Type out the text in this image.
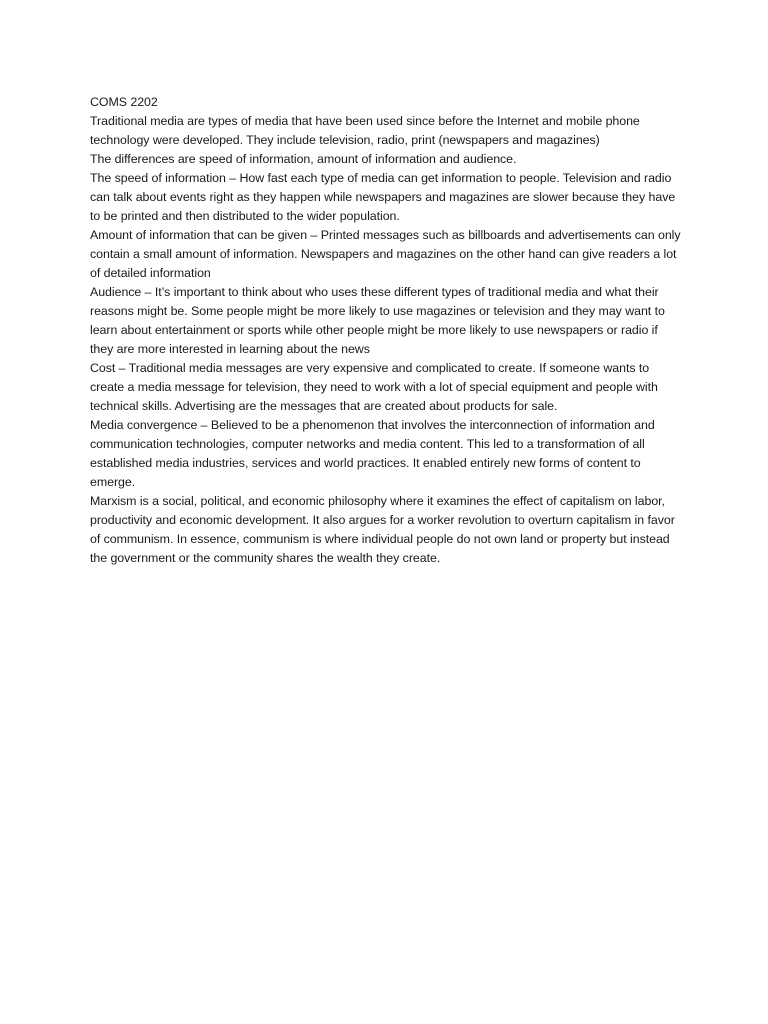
COMS 2202

Traditional media are types of media that have been used since before the Internet and mobile phone technology were developed. They include television, radio, print (newspapers and magazines)

The differences are speed of information, amount of information and audience.

The speed of information – How fast each type of media can get information to people. Television and radio can talk about events right as they happen while newspapers and magazines are slower because they have to be printed and then distributed to the wider population.

Amount of information that can be given – Printed messages such as billboards and advertisements can only contain a small amount of information. Newspapers and magazines on the other hand can give readers a lot of detailed information

Audience – It’s important to think about who uses these different types of traditional media and what their reasons might be. Some people might be more likely to use magazines or television and they may want to learn about entertainment or sports while other people might be more likely to use newspapers or radio if they are more interested in learning about the news

Cost – Traditional media messages are very expensive and complicated to create. If someone wants to create a media message for television, they need to work with a lot of special equipment and people with technical skills. Advertising are the messages that are created about products for sale.

Media convergence – Believed to be a phenomenon that involves the interconnection of information and communication technologies, computer networks and media content. This led to a transformation of all established media industries, services and world practices. It enabled entirely new forms of content to emerge.

Marxism is a social, political, and economic philosophy where it examines the effect of capitalism on labor, productivity and economic development. It also argues for a worker revolution to overturn capitalism in favor of communism. In essence, communism is where individual people do not own land or property but instead the government or the community shares the wealth they create.
